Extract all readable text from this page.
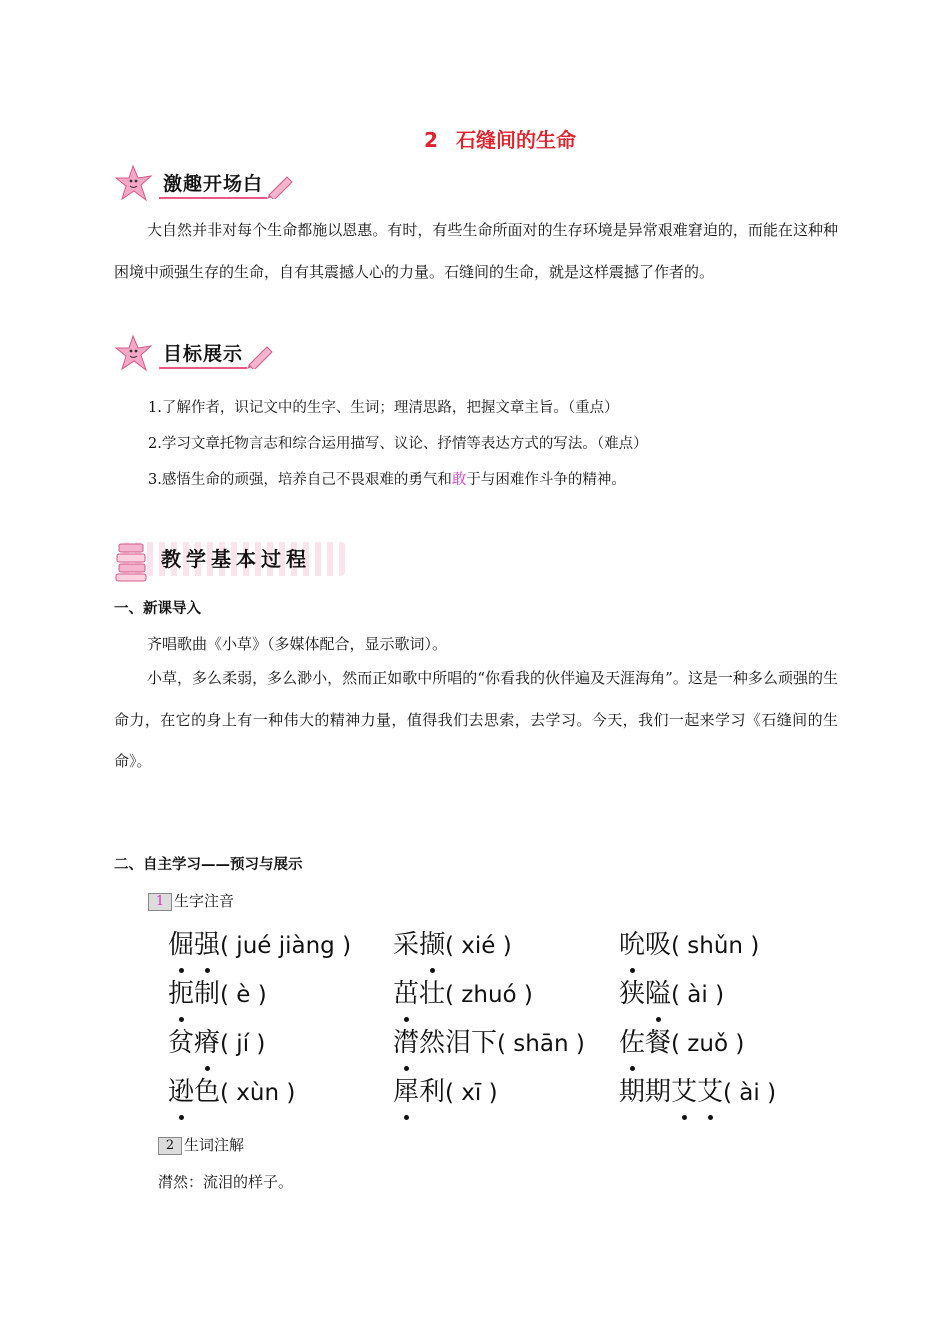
2 石缝间的生命
激趣开场白
大自然并非对每个生命都施以恩惠。有时，有些生命所面对的生存环境是异常艰难窘迫的，而能在这种种 困境中顽强生存的生命，自有其震撼人心的力量。石缝间的生命，就是这样震撼了作者的。
目标展示
1.了解作者，识记文中的生字、生词；理清思路，把握文章主旨。（重点）
2.学习文章托物言志和综合运用描写、议论、抒情等表达方式的写法。（难点）
3.感悟生命的顽强，培养自己不畏艰难的勇气和敢于与困难作斗争的精神。
教学基本过程
一、新课导入
齐唱歌曲《小草》（多媒体配合，显示歌词）。
小草，多么柔弱，多么渺小，然而正如歌中所唱的“你看我的伙伴遍及天涯海角”。这是一种多么顽强的生命力，在它的身上有一种伟大的精神力量，值得我们去思索，去学习。今天，我们一起来学习《石缝间的生命》。
二、自主学习——预习与展示
1 生字注音
倔强( jué jiàng )	采撷( xié )	吮吸( shǔn )
扼制( è )	茁壮( zhuó )	狭隘( ài )
贫瘠( jí )	潸然泪下( shān )	佐餐( zuǒ )
逊色( xùn )	犀利( xī )	期期艾艾( ài )
2 生词注解
潸然：流泪的样子。
